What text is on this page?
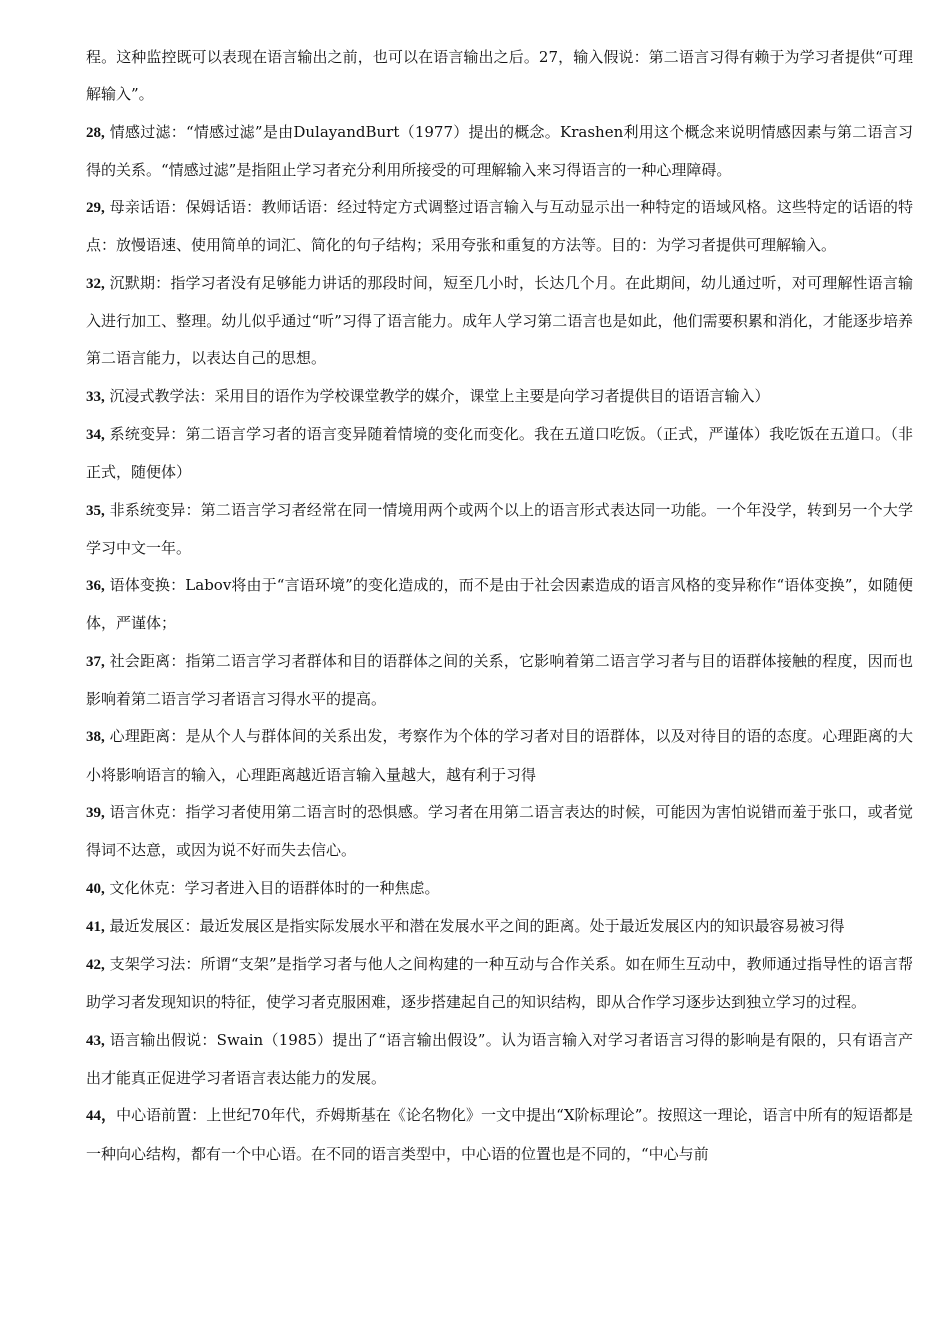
程。这种监控既可以表现在语言输出之前，也可以在语言输出之后。27，输入假说：第二语言习得有赖于为学习者提供“可理解输入”。

28, 情感过滤：“情感过滤”是由DulayandBurt（1977）提出的概念。Krashen利用这个概念来说明情感因素与第二语言习得的关系。“情感过滤”是指阻止学习者充分利用所接受的可理解输入来习得语言的一种心理障碍。

29, 母亲话语：保姆话语：教师话语：经过特定方式调整过语言输入与互动显示出一种特定的语域风格。这些特定的话语的特点：放慢语速、使用简单的词汇、简化的句子结构；采用夸张和重复的方法等。目的：为学习者提供可理解输入。

32, 沉默期：指学习者没有足够能力讲话的那段时间，短至几小时，长达几个月。在此期间，幼儿通过听，对可理解性语言输入进行加工、整理。幼儿似乎通过“听”习得了语言能力。成年人学习第二语言也是如此，他们需要积累和消化，才能逐步培养第二语言能力，以表达自己的思想。

33, 沉浸式教学法：采用目的语作为学校课堂教学的媒介，课堂上主要是向学习者提供目的语语言输入）

34, 系统变异：第二语言学习者的语言变异随着情境的变化而变化。我在五道口吃饭。（正式，严谨体）我吃饭在五道口。（非正式，随便体）

35, 非系统变异：第二语言学习者经常在同一情境用两个或两个以上的语言形式表达同一功能。一个年没学，转到另一个大学学习中文一年。

36, 语体变换：Labov将由于“言语环境”的变化造成的，而不是由于社会因素造成的语言风格的变异称作“语体变换”，如随便体，严谨体；

37, 社会距离：指第二语言学习者群体和目的语群体之间的关系，它影响着第二语言学习者与目的语群体接触的程度，因而也影响着第二语言学习者语言习得水平的提高。

38, 心理距离：是从个人与群体间的关系出发，考察作为个体的学习者对目的语群体，以及对待目的语的态度。心理距离的大小将影响语言的输入，心理距离越近语言输入量越大，越有利于习得

39, 语言休克：指学习者使用第二语言时的恐惧感。学习者在用第二语言表达的时候，可能因为害怕说错而羞于张口，或者觉得词不达意，或因为说不好而失去信心。

40, 文化休克：学习者进入目的语群体时的一种焦虑。

41, 最近发展区：最近发展区是指实际发展水平和潜在发展水平之间的距离。处于最近发展区内的知识最容易被习得

42, 支架学习法：所谓“支架”是指学习者与他人之间构建的一种互动与合作关系。如在师生互动中，教师通过指导性的语言帮助学习者发现知识的特征，使学习者克服困难，逐步搭建起自己的知识结构，即从合作学习逐步达到独立学习的过程。

43, 语言输出假说：Swain（1985）提出了“语言输出假设”。认为语言输入对学习者语言习得的影响是有限的，只有语言产出才能真正促进学习者语言表达能力的发展。

44，中心语前置：上世纪70年代，乔姆斯基在《论名物化》一文中提出“X阶标理论”。按照这一理论，语言中所有的短语都是一种向心结构，都有一个中心语。在不同的语言类型中，中心语的位置也是不同的，“中心与前
